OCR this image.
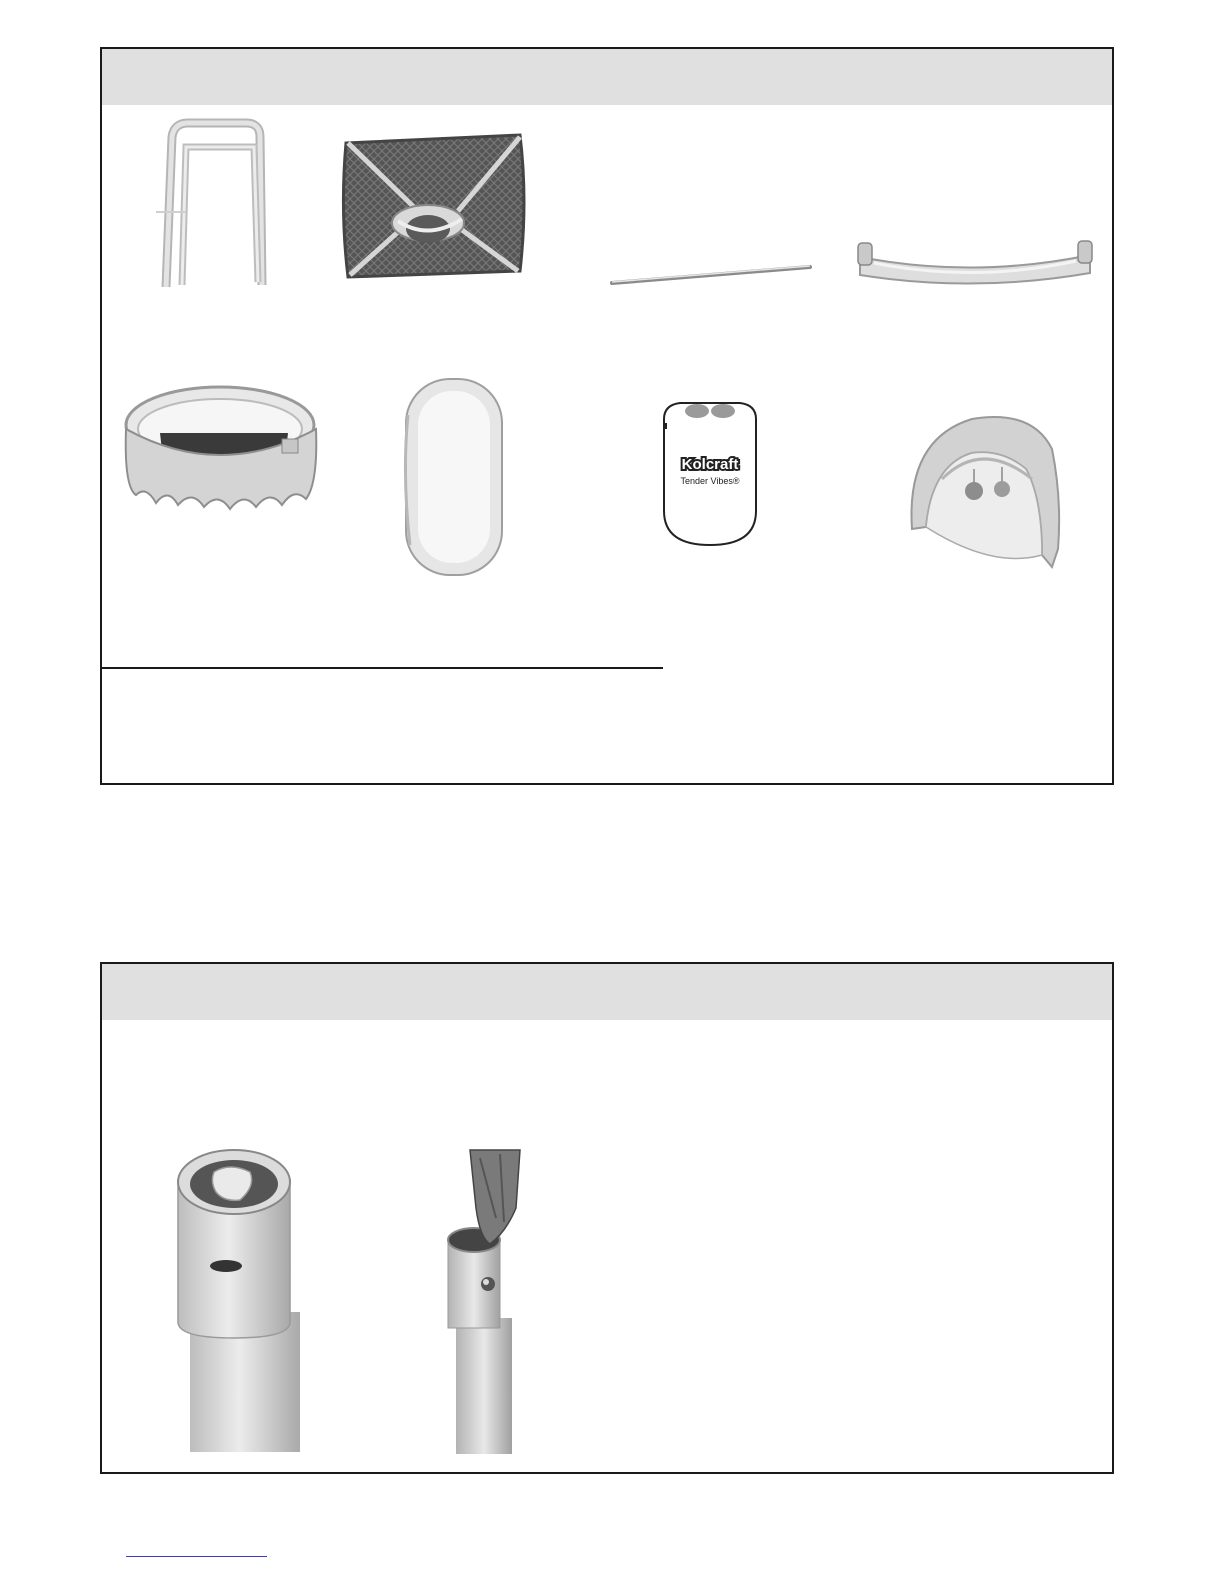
Kolcraft
Tender Vibes®
